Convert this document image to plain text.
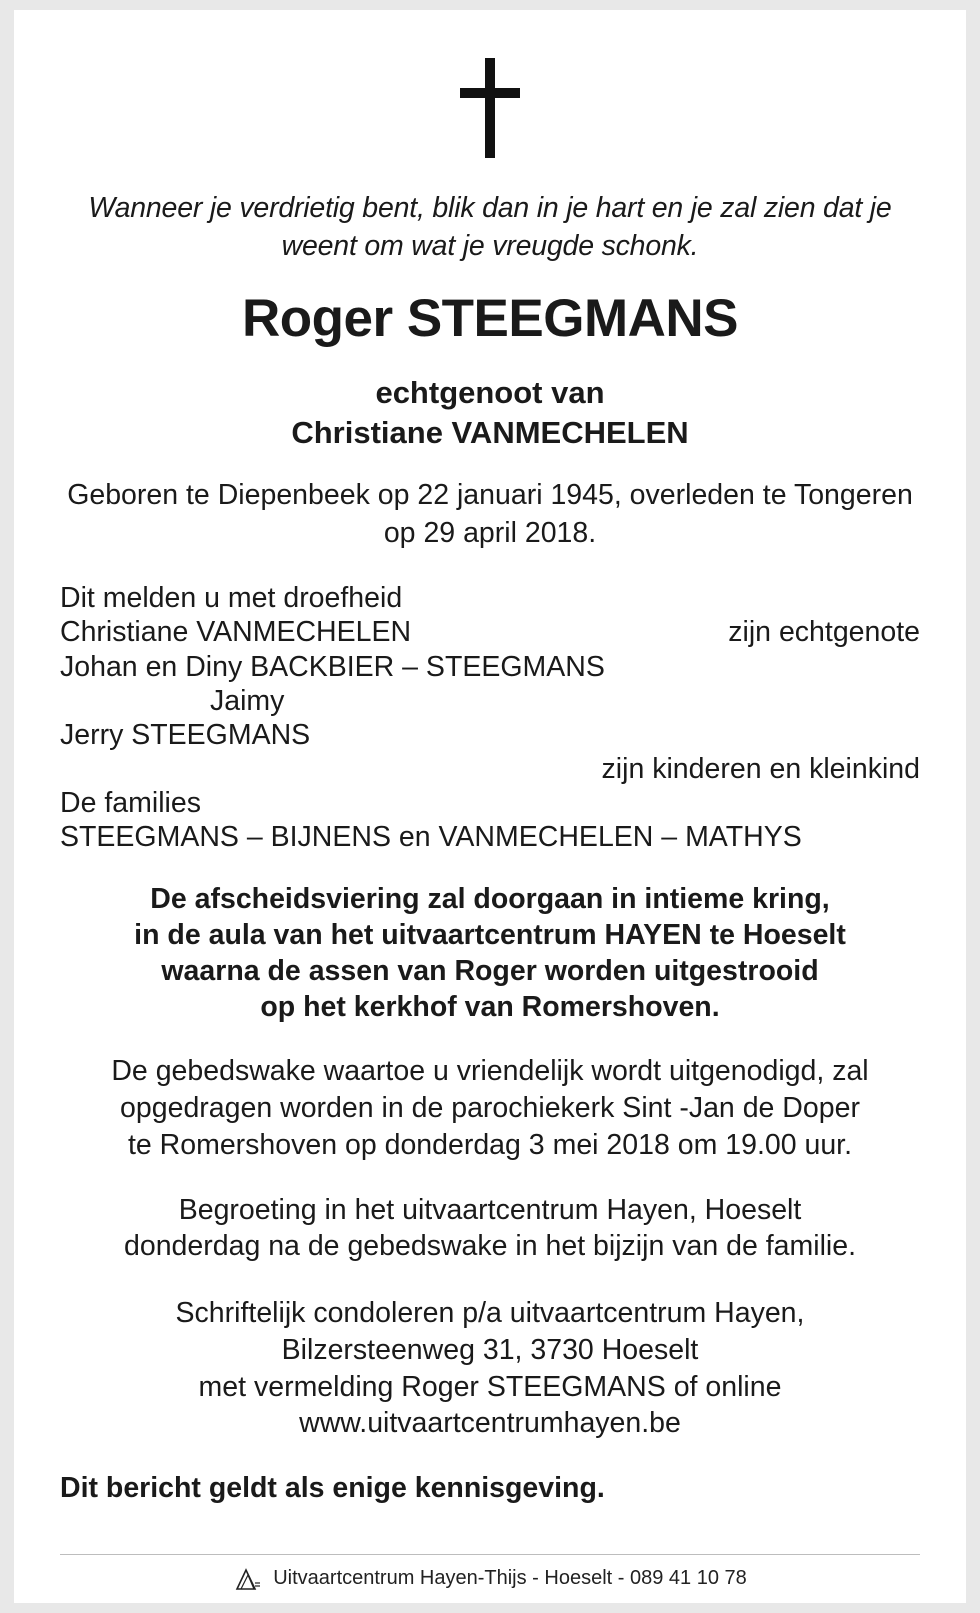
Wanneer je verdrietig bent, blik dan in je hart en je zal zien dat je weent om wat je vreugde schonk.
Roger STEEGMANS
echtgenoot van
Christiane VANMECHELEN
Geboren te Diepenbeek op 22 januari 1945, overleden te Tongeren op 29 april 2018.
Dit melden u met droefheid
Christiane VANMECHELEN	zijn echtgenote
Johan en Diny BACKBIER – STEEGMANS
Jaimy
Jerry STEEGMANS
zijn kinderen en kleinkind
De families
STEEGMANS – BIJNENS en VANMECHELEN – MATHYS
De afscheidsviering zal doorgaan in intieme kring,
in de aula van het uitvaartcentrum HAYEN te Hoeselt
waarna de assen van Roger worden uitgestrooid
op het kerkhof van Romershoven.
De gebedswake waartoe u vriendelijk wordt uitgenodigd, zal
opgedragen worden in de parochiekerk Sint -Jan de Doper
te Romershoven op donderdag 3 mei 2018 om 19.00 uur.
Begroeting in het uitvaartcentrum Hayen, Hoeselt
donderdag na de gebedswake in het bijzijn van de familie.
Schriftelijk condoleren p/a uitvaartcentrum Hayen,
Bilzersteenweg 31, 3730 Hoeselt
met vermelding Roger STEEGMANS of online
www.uitvaartcentrumhayen.be
Dit bericht geldt als enige kennisgeving.
Uitvaartcentrum Hayen-Thijs - Hoeselt - 089 41 10 78
